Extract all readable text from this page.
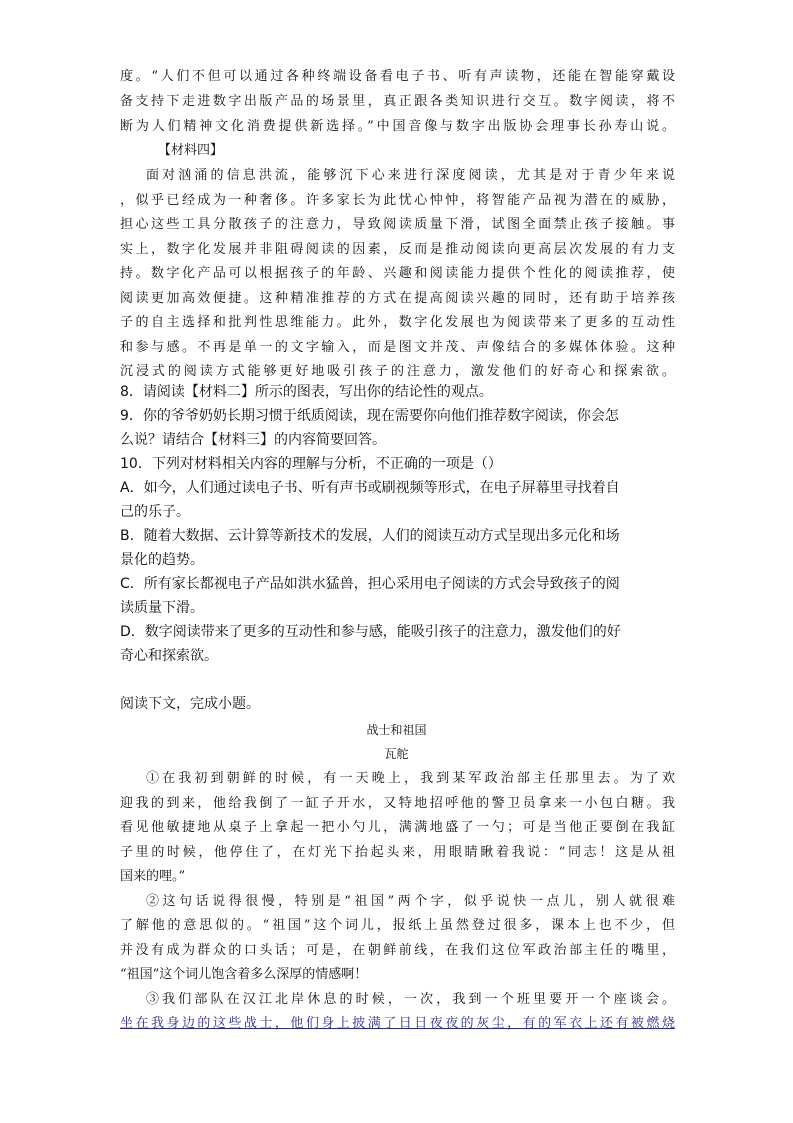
度。“人们不但可以通过各种终端设备看电子书、听有声读物，还能在智能穿戴设
备支持下走进数字出版产品的场景里，真正跟各类知识进行交互。数字阅读，将不
断为人们精神文化消费提供新选择。”中国音像与数字出版协会理事长孙寿山说。
【材料四】
面对汹涌的信息洪流，能够沉下心来进行深度阅读，尤其是对于青少年来说
，似乎已经成为一种奢侈。许多家长为此忧心忡忡，将智能产品视为潜在的威胁，
担心这些工具分散孩子的注意力，导致阅读质量下滑，试图全面禁止孩子接触。事
实上，数字化发展并非阻碍阅读的因素，反而是推动阅读向更高层次发展的有力支
持。数字化产品可以根据孩子的年龄、兴趣和阅读能力提供个性化的阅读推荐，使
阅读更加高效便捷。这种精准推荐的方式在提高阅读兴趣的同时，还有助于培养孩
子的自主选择和批判性思维能力。此外，数字化发展也为阅读带来了更多的互动性
和参与感。不再是单一的文字输入，而是图文并茂、声像结合的多媒体体验。这种
沉浸式的阅读方式能够更好地吸引孩子的注意力，激发他们的好奇心和探索欲。
8．请阅读【材料二】所示的图表，写出你的结论性的观点。
9．你的爷爷奶奶长期习惯于纸质阅读，现在需要你向他们推荐数字阅读，你会怎
么说？请结合【材料三】的内容简要回答。
10．下列对材料相关内容的理解与分析，不正确的一项是（）
A．如今，人们通过读电子书、听有声书或刷视频等形式，在电子屏幕里寻找着自
己的乐子。
B．随着大数据、云计算等新技术的发展，人们的阅读互动方式呈现出多元化和场
景化的趋势。
C．所有家长都视电子产品如洪水猛兽，担心采用电子阅读的方式会导致孩子的阅
读质量下滑。
D．数字阅读带来了更多的互动性和参与感，能吸引孩子的注意力，激发他们的好
奇心和探索欲。
阅读下文，完成小题。
战士和祖国
瓦舵
①在我初到朝鲜的时候，有一天晚上，我到某军政治部主任那里去。为了欢
迎我的到来，他给我倒了一缸子开水，又特地招呼他的警卫员拿来一小包白糖。我
看见他敏捷地从桌子上拿起一把小勺儿，满满地盛了一勺；可是当他正要倒在我缸
子里的时候，他停住了，在灯光下抬起头来，用眼睛瞅着我说：“同志！这是从祖
国来的哩。”
②这句话说得很慢，特别是“祖国”两个字，似乎说快一点儿，别人就很难
了解他的意思似的。“祖国”这个词儿，报纸上虽然登过很多，课本上也不少，但
并没有成为群众的口头话；可是，在朝鲜前线，在我们这位军政治部主任的嘴里，
“祖国”这个词儿饱含着多么深厚的情感啊！
③我们部队在汉江北岸休息的时候，一次，我到一个班里要开一个座谈会。
坐在我身边的这些战士，他们身上披满了日日夜夜的灰尘，有的军衣上还有被燃烧
